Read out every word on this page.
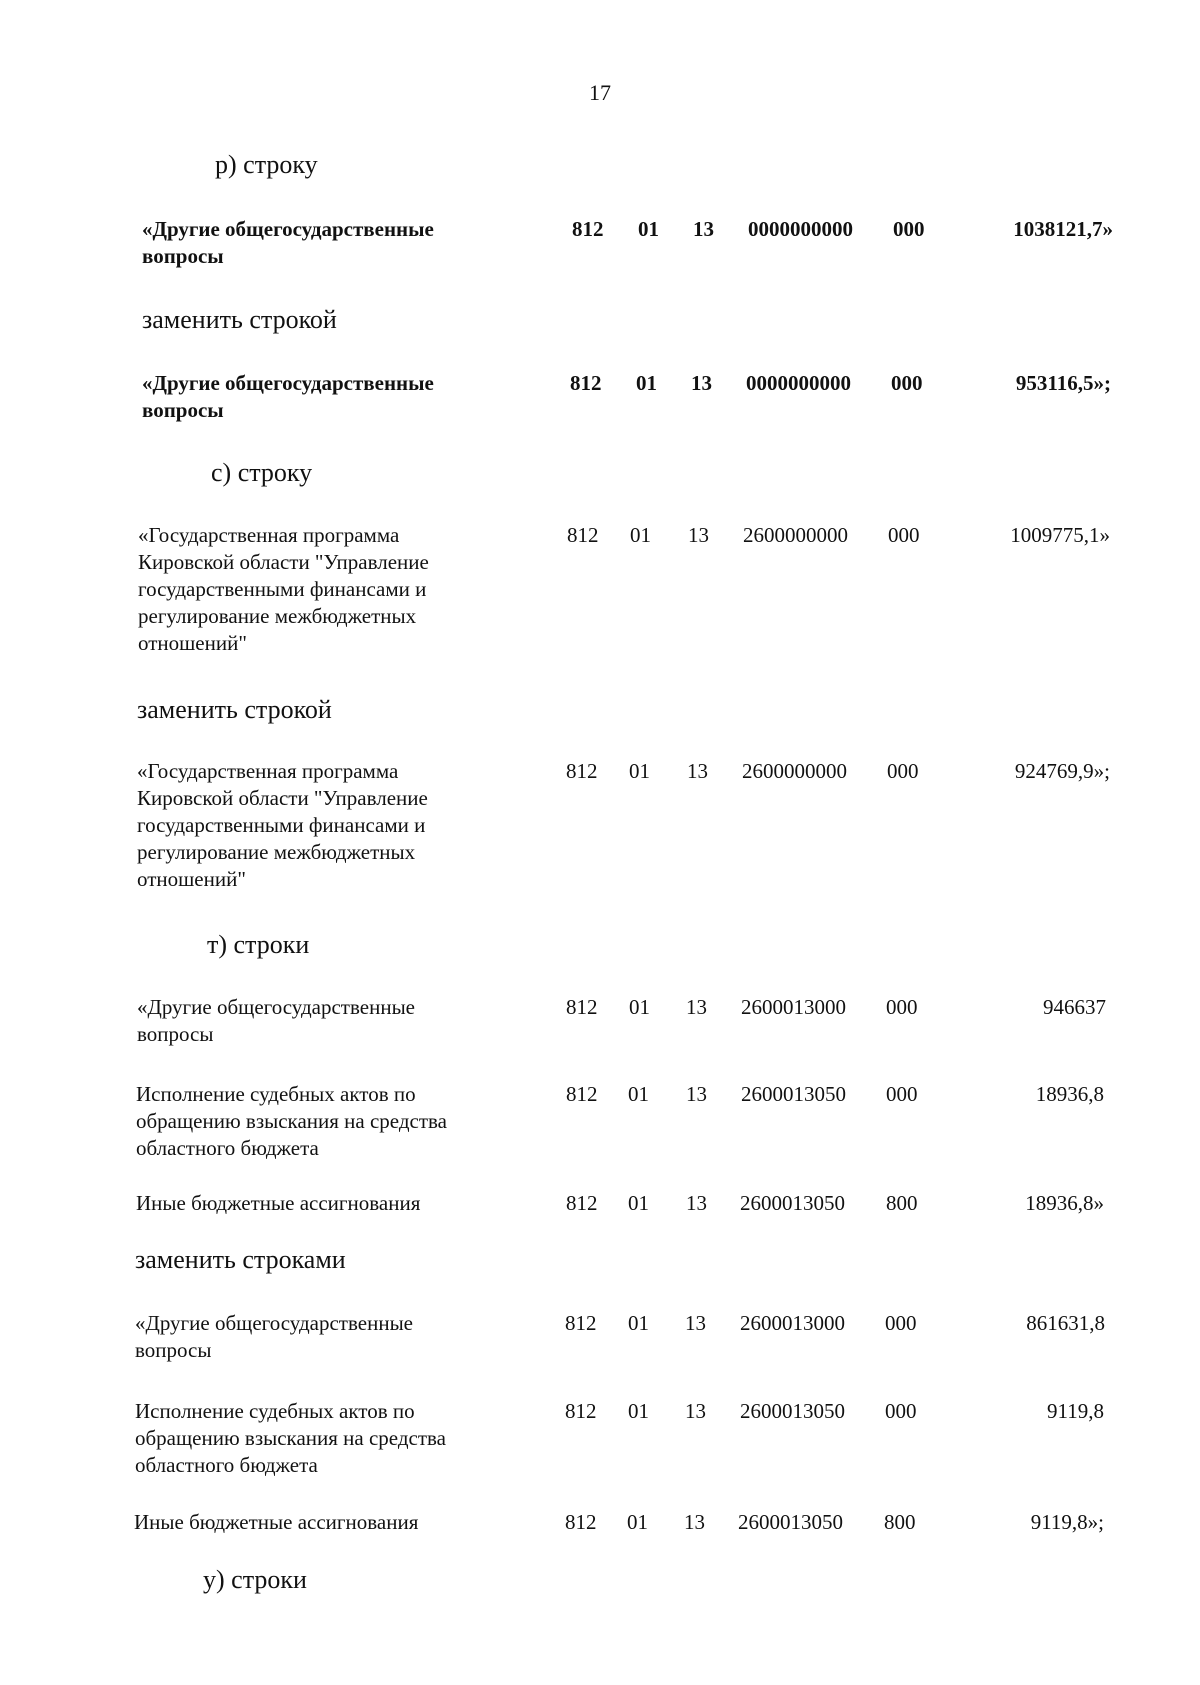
17
р) строку
«Другие общегосударственные
вопросы
812 01 13 0000000000 000	1038121,7»
заменить строкой
«Другие общегосударственные
вопросы
812 01 13 0000000000 000	953116,5»;
с) строку
«Государственная программа
Кировской области "Управление
государственными финансами и
регулирование межбюджетных
отношений"
812 01 13 2600000000 000	1009775,1»
заменить строкой
«Государственная программа
Кировской области "Управление
государственными финансами и
регулирование межбюджетных
отношений"
812 01 13 2600000000 000	924769,9»;
т) строки
«Другие общегосударственные
вопросы
812 01 13 2600013000 000	946637
Исполнение судебных актов по
обращению взыскания на средства
областного бюджета
812 01 13 2600013050 000	18936,8
Иные бюджетные ассигнования	812 01 13 2600013050 800	18936,8»
заменить строками
«Другие общегосударственные
вопросы
812 01 13 2600013000 000	861631,8
Исполнение судебных актов по
обращению взыскания на средства
областного бюджета
812 01 13 2600013050 000	9119,8
Иные бюджетные ассигнования	812 01 13 2600013050 800	9119,8»;
у) строки
